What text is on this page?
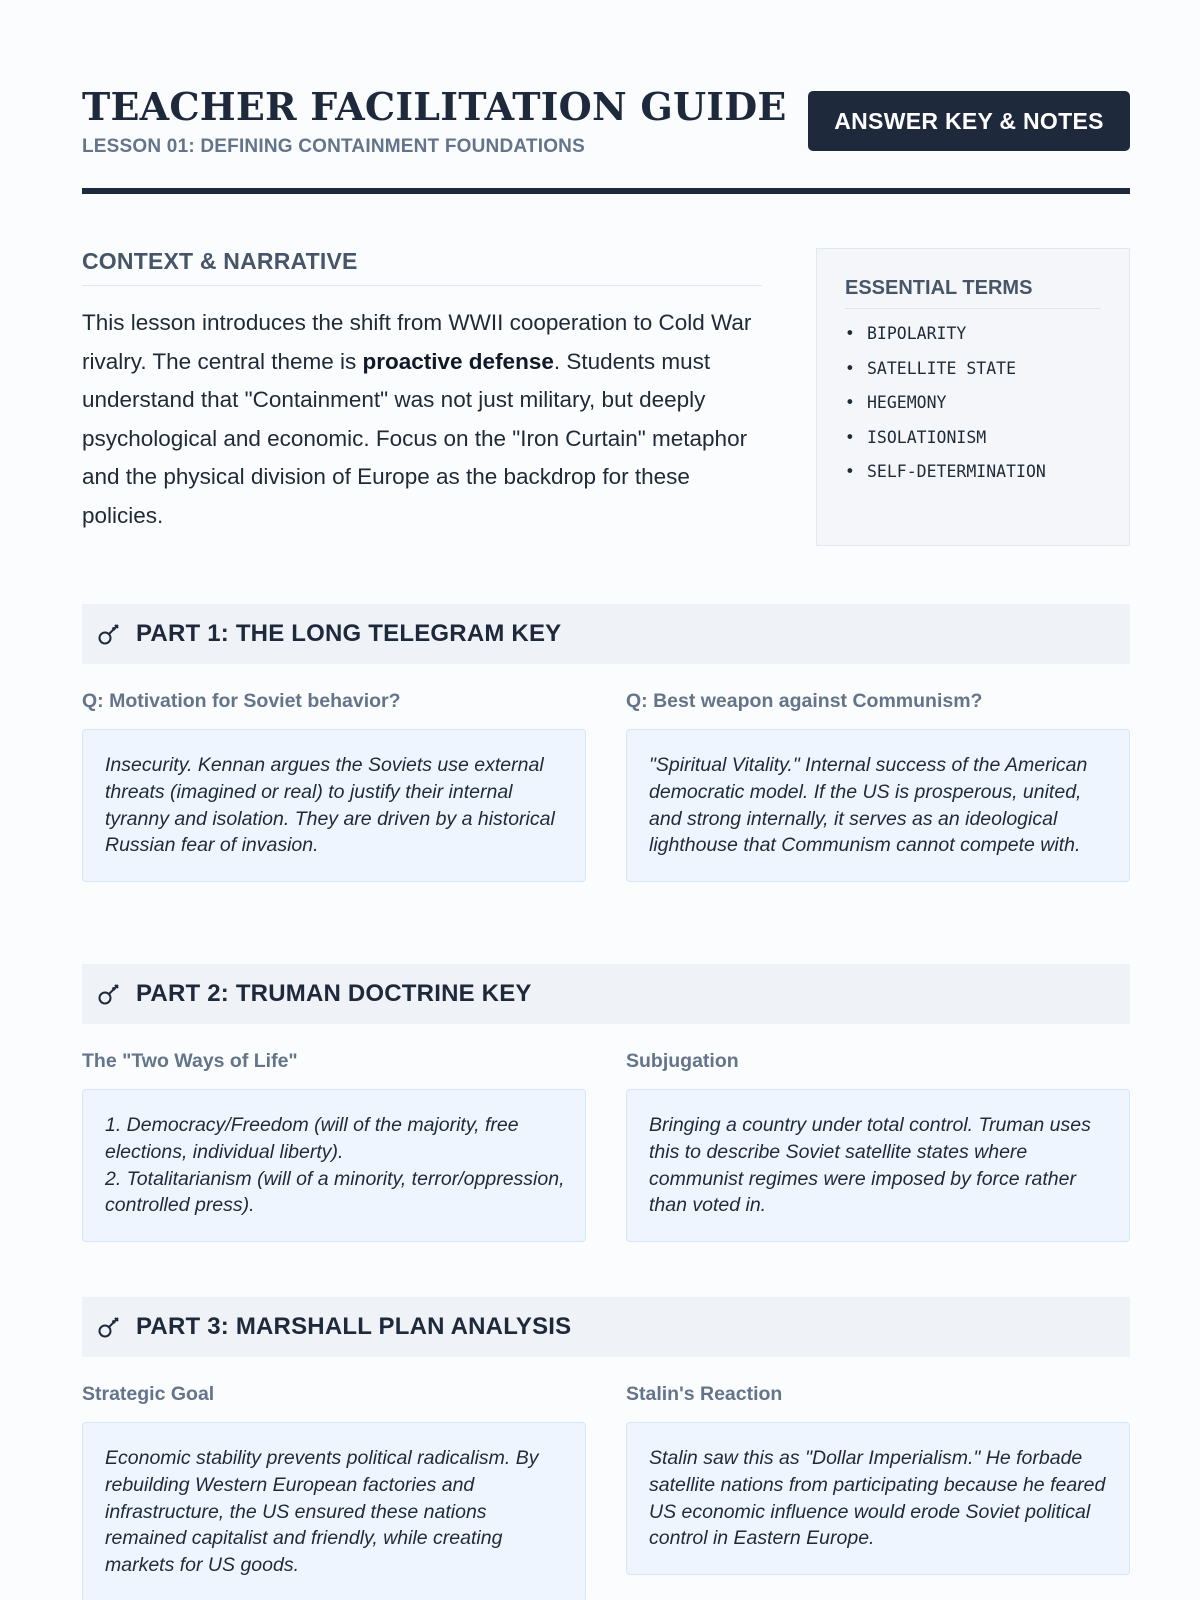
TEACHER FACILITATION GUIDE
LESSON 01: DEFINING CONTAINMENT FOUNDATIONS
ANSWER KEY & NOTES
CONTEXT & NARRATIVE

This lesson introduces the shift from WWII cooperation to Cold War rivalry. The central theme is proactive defense. Students must understand that "Containment" was not just military, but deeply psychological and economic. Focus on the "Iron Curtain" metaphor and the physical division of Europe as the backdrop for these policies.

ESSENTIAL TERMS
• BIPOLARITY
• SATELLITE STATE
• HEGEMONY
• ISOLATIONISM
• SELF-DETERMINATION
PART 1: THE LONG TELEGRAM KEY
Q: Motivation for Soviet behavior?
Insecurity. Kennan argues the Soviets use external threats (imagined or real) to justify their internal tyranny and isolation. They are driven by a historical Russian fear of invasion.
Q: Best weapon against Communism?
"Spiritual Vitality." Internal success of the American democratic model. If the US is prosperous, united, and strong internally, it serves as an ideological lighthouse that Communism cannot compete with.
PART 2: TRUMAN DOCTRINE KEY
The "Two Ways of Life"
1. Democracy/Freedom (will of the majority, free elections, individual liberty).
2. Totalitarianism (will of a minority, terror/oppression, controlled press).
Subjugation
Bringing a country under total control. Truman uses this to describe Soviet satellite states where communist regimes were imposed by force rather than voted in.
PART 3: MARSHALL PLAN ANALYSIS
Strategic Goal
Economic stability prevents political radicalism. By rebuilding Western European factories and infrastructure, the US ensured these nations remained capitalist and friendly, while creating markets for US goods.
Stalin's Reaction
Stalin saw this as "Dollar Imperialism." He forbade satellite nations from participating because he feared US economic influence would erode Soviet political control in Eastern Europe.
